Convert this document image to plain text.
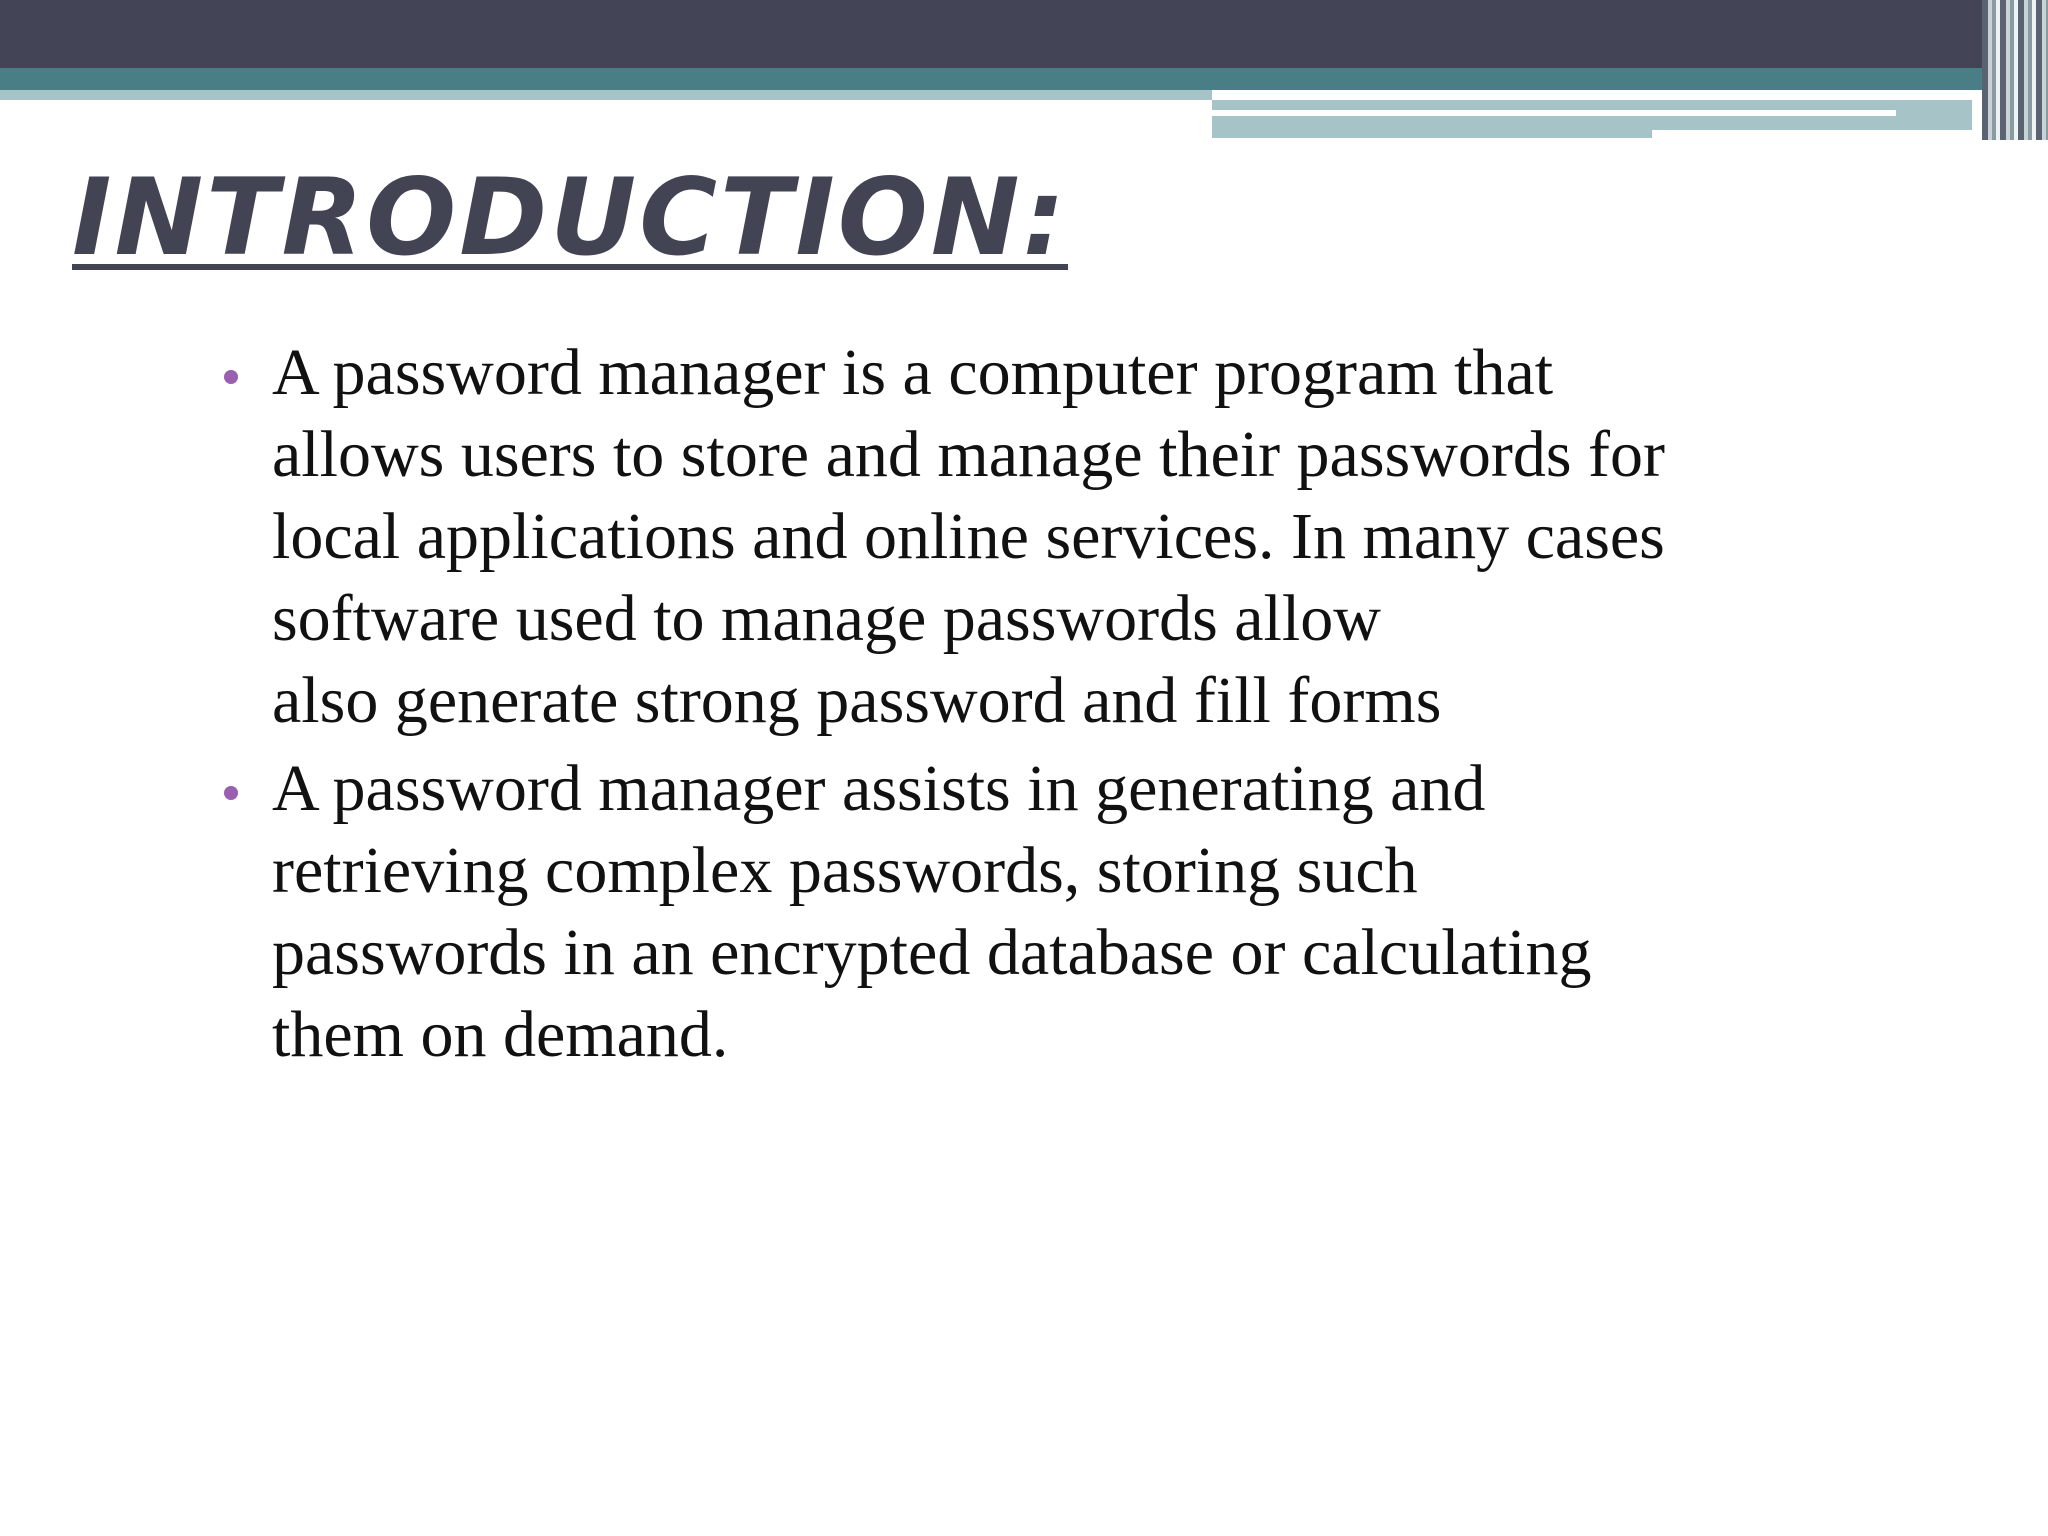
INTRODUCTION:
A password manager is a computer program that
allows users to store and manage their passwords for
local applications and online services. In many cases
software used to manage passwords allow
also generate strong password and fill forms
A password manager assists in generating and
retrieving complex passwords, storing such
passwords in an encrypted database or calculating
them on demand.
